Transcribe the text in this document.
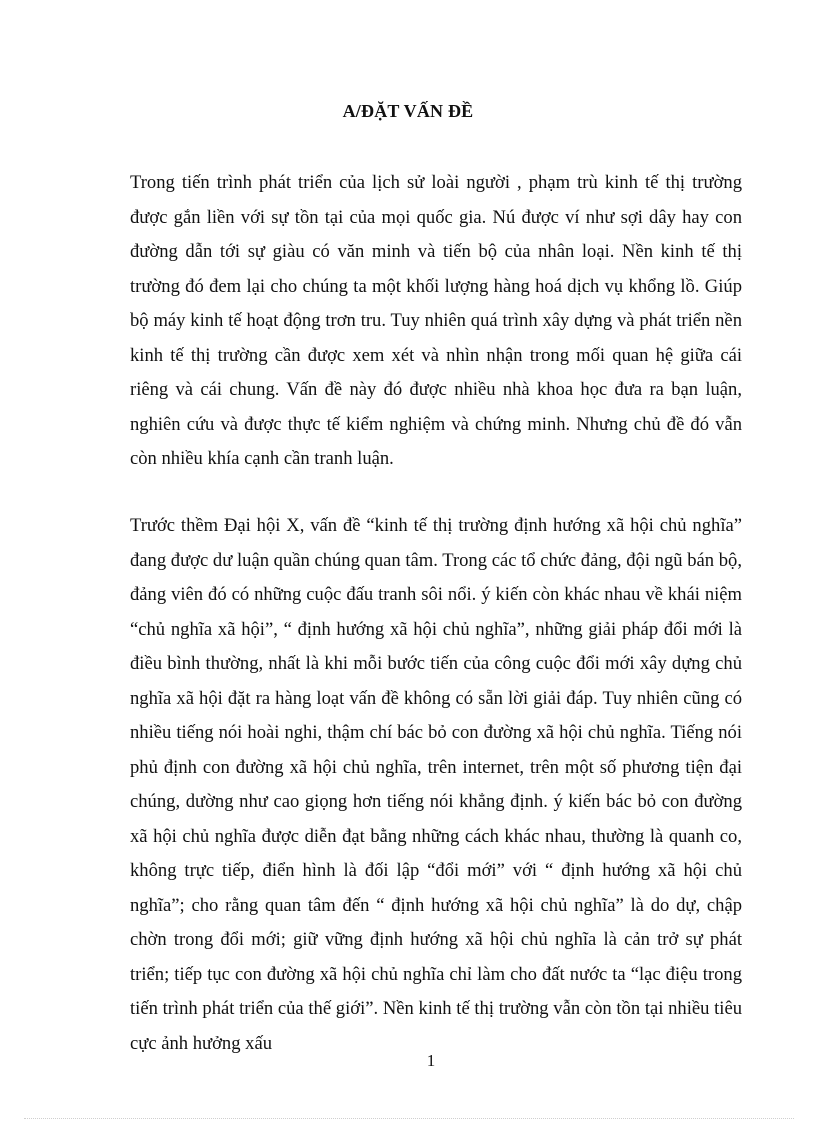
A/ĐẶT VẤN ĐỀ

Trong tiến trình phát triển của lịch sử loài người , phạm trù kinh tế thị trường được gắn liền với sự tồn tại của mọi quốc gia. Nú được ví như sợi dây hay con đường dẫn tới sự giàu có văn minh và tiến bộ của nhân loại. Nền kinh tế thị trường đó đem lại cho chúng ta một khối lượng hàng hoá dịch vụ khổng lồ. Giúp bộ máy kinh tế hoạt động trơn tru. Tuy nhiên quá trình xây dựng và phát triển nền kinh tế thị trường cần được xem xét và nhìn nhận trong mối quan hệ giữa cái riêng và cái chung. Vấn đề này đó được nhiều nhà khoa học đưa ra bạn luận, nghiên cứu và được thực tế kiểm nghiệm và chứng minh. Nhưng chủ đề đó vẫn còn nhiều khía cạnh cần tranh luận.

Trước thềm Đại hội X, vấn đề “kinh tế thị trường định hướng xã hội chủ nghĩa” đang được dư luận quần chúng quan tâm. Trong các tổ chức đảng, đội ngũ bán bộ, đảng viên đó có những cuộc đấu tranh sôi nổi. ý kiến còn khác nhau về khái niệm “chủ nghĩa xã hội”, “ định hướng xã hội chủ nghĩa”, những giải pháp đổi mới là điều bình thường, nhất là khi mỗi bước tiến của công cuộc đổi mới xây dựng chủ nghĩa xã hội đặt ra hàng loạt vấn đề không có sẵn lời giải đáp. Tuy nhiên cũng có nhiều tiếng nói hoài nghi, thậm chí bác bỏ con đường xã hội chủ nghĩa. Tiếng nói phủ định con đường xã hội chủ nghĩa, trên internet, trên một số phương tiện đại chúng, dường như cao giọng hơn tiếng nói khẳng định. ý kiến bác bỏ con đường xã hội chủ nghĩa được diễn đạt bằng những cách khác nhau, thường là quanh co, không trực tiếp, điển hình là đối lập “đổi mới” với “ định hướng xã hội chủ nghĩa”; cho rằng quan tâm đến “ định hướng xã hội chủ nghĩa” là do dự, chập chờn trong đổi mới; giữ vững định hướng xã hội chủ nghĩa là cản trở sự phát triển; tiếp tục con đường xã hội chủ nghĩa chỉ làm cho đất nước ta “lạc điệu trong tiến trình phát triển của thế giới”. Nền kinh tế thị trường vẫn còn tồn tại nhiều tiêu cực ảnh hưởng xấu

1
